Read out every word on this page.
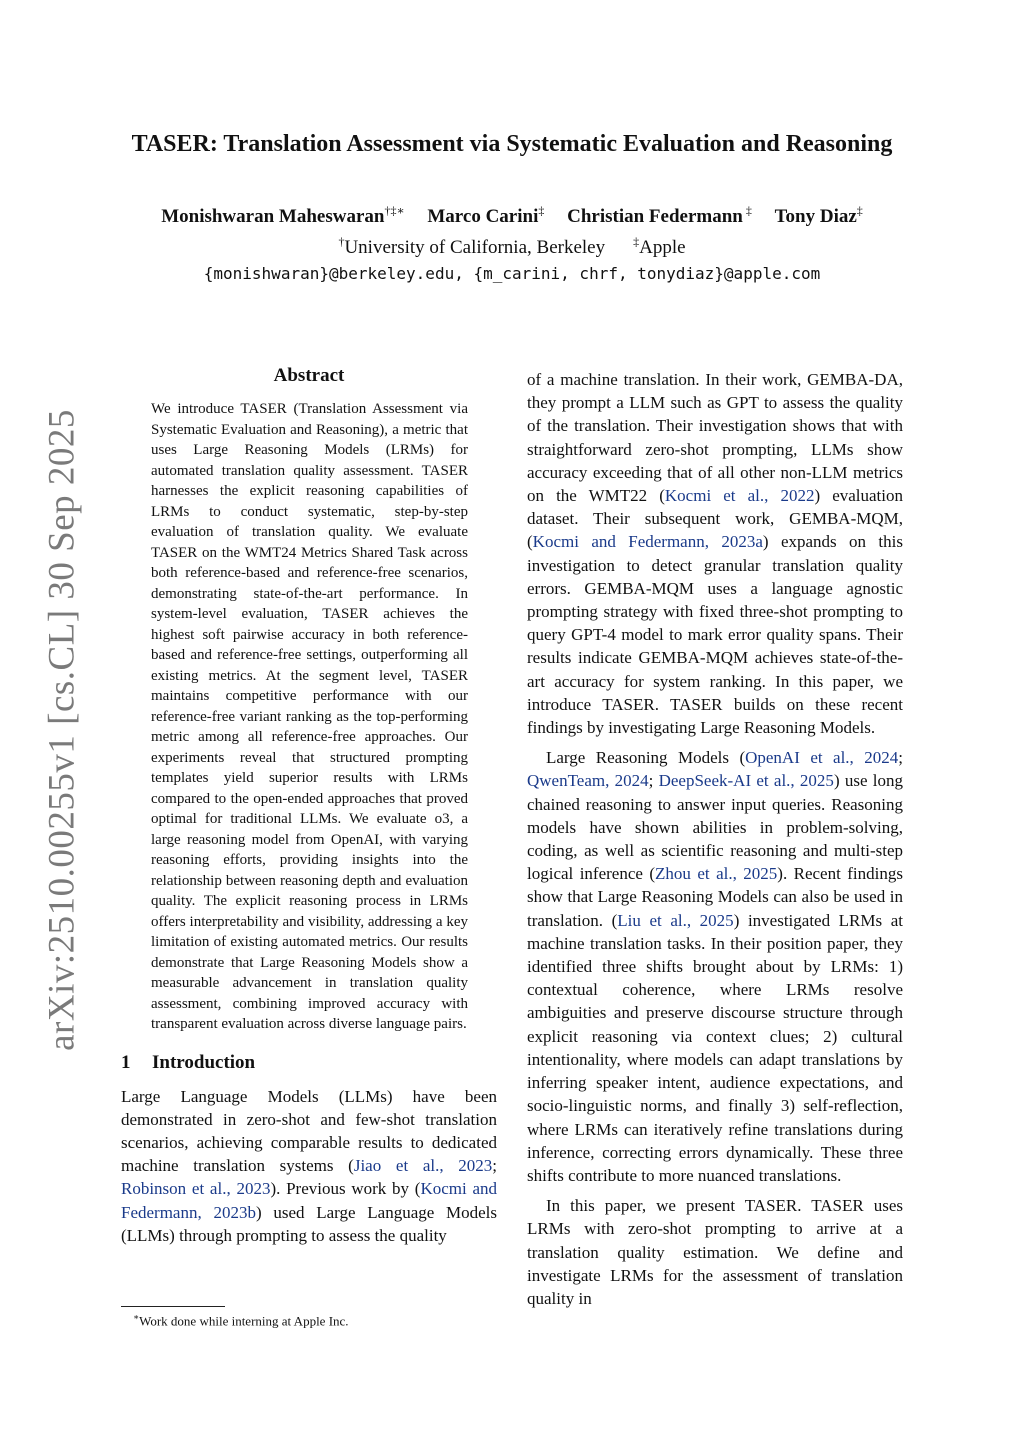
arXiv:2510.00255v1 [cs.CL] 30 Sep 2025
TASER: Translation Assessment via Systematic Evaluation and Reasoning
Monishwaran Maheswaran†‡∗ Marco Carini‡ Christian Federmann ‡ Tony Diaz‡
†University of California, Berkeley ‡Apple
{monishwaran}@berkeley.edu, {m_carini, chrf, tonydiaz}@apple.com
Abstract

We introduce TASER (Translation Assessment via Systematic Evaluation and Reasoning), a metric that uses Large Reasoning Models (LRMs) for automated translation quality assessment. TASER harnesses the explicit reasoning capabilities of LRMs to conduct systematic, step-by-step evaluation of translation quality. We evaluate TASER on the WMT24 Metrics Shared Task across both reference-based and reference-free scenarios, demonstrating state-of-the-art performance. In system-level evaluation, TASER achieves the highest soft pairwise accuracy in both reference-based and reference-free settings, outperforming all existing metrics. At the segment level, TASER maintains competitive performance with our reference-free variant ranking as the top-performing metric among all reference-free approaches. Our experiments reveal that structured prompting templates yield superior results with LRMs compared to the open-ended approaches that proved optimal for traditional LLMs. We evaluate o3, a large reasoning model from OpenAI, with varying reasoning efforts, providing insights into the relationship between reasoning depth and evaluation quality. The explicit reasoning process in LRMs offers interpretability and visibility, addressing a key limitation of existing automated metrics. Our results demonstrate that Large Reasoning Models show a measurable advancement in translation quality assessment, combining improved accuracy with transparent evaluation across diverse language pairs.

1 Introduction

Large Language Models (LLMs) have been demonstrated in zero-shot and few-shot translation scenarios, achieving comparable results to dedicated machine translation systems (Jiao et al., 2023; Robinson et al., 2023). Previous work by (Kocmi and Federmann, 2023b) used Large Language Models (LLMs) through prompting to assess the quality

of a machine translation. In their work, GEMBA-DA, they prompt a LLM such as GPT to assess the quality of the translation. Their investigation shows that with straightforward zero-shot prompting, LLMs show accuracy exceeding that of all other non-LLM metrics on the WMT22 (Kocmi et al., 2022) evaluation dataset. Their subsequent work, GEMBA-MQM, (Kocmi and Federmann, 2023a) expands on this investigation to detect granular translation quality errors. GEMBA-MQM uses a language agnostic prompting strategy with fixed three-shot prompting to query GPT-4 model to mark error quality spans. Their results indicate GEMBA-MQM achieves state-of-the-art accuracy for system ranking. In this paper, we introduce TASER. TASER builds on these recent findings by investigating Large Reasoning Models.

Large Reasoning Models (OpenAI et al., 2024; QwenTeam, 2024; DeepSeek-AI et al., 2025) use long chained reasoning to answer input queries. Reasoning models have shown abilities in problem-solving, coding, as well as scientific reasoning and multi-step logical inference (Zhou et al., 2025). Recent findings show that Large Reasoning Models can also be used in translation. (Liu et al., 2025) investigated LRMs at machine translation tasks. In their position paper, they identified three shifts brought about by LRMs: 1) contextual coherence, where LRMs resolve ambiguities and preserve discourse structure through explicit reasoning via context clues; 2) cultural intentionality, where models can adapt translations by inferring speaker intent, audience expectations, and socio-linguistic norms, and finally 3) self-reflection, where LRMs can iteratively refine translations during inference, correcting errors dynamically. These three shifts contribute to more nuanced translations.

In this paper, we present TASER. TASER uses LRMs with zero-shot prompting to arrive at a translation quality estimation. We define and investigate LRMs for the assessment of translation quality in

∗Work done while interning at Apple Inc.
